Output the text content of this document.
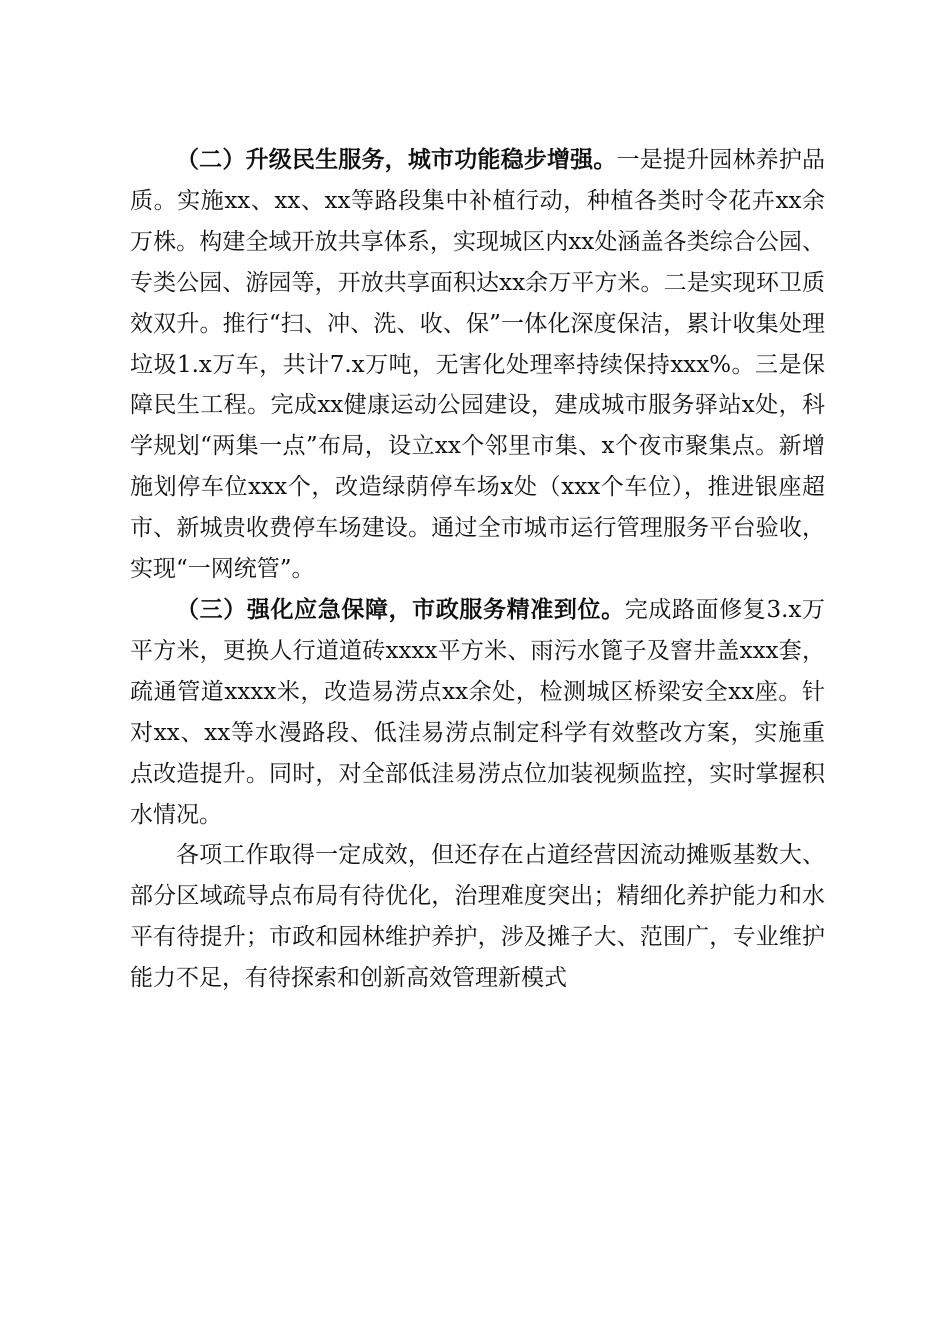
（二）升级民生服务，城市功能稳步增强。一是提升园林养护品质。实施xx、xx、xx等路段集中补植行动，种植各类时令花卉xx余万株。构建全域开放共享体系，实现城区内xx处涵盖各类综合公园、专类公园、游园等，开放共享面积达xx余万平方米。二是实现环卫质效双升。推行“扫、冲、洗、收、保”一体化深度保洁，累计收集处理垃圾1.x万车，共计7.x万吨，无害化处理率持续保持xxx%。三是保障民生工程。完成xx健康运动公园建设，建成城市服务驿站x处，科学规划“两集一点”布局，设立xx个邻里市集、x个夜市聚集点。新增施划停车位xxx个，改造绿荫停车场x处（xxx个车位），推进银座超市、新城贵收费停车场建设。通过全市城市运行管理服务平台验收，实现“一网统管”。

（三）强化应急保障，市政服务精准到位。完成路面修复3.x万平方米，更换人行道道砖xxxx平方米、雨污水篦子及窨井盖xxx套，疏通管道xxxx米，改造易涝点xx余处，检测城区桥梁安全xx座。针对xx、xx等水漫路段、低洼易涝点制定科学有效整改方案，实施重点改造提升。同时，对全部低洼易涝点位加装视频监控，实时掌握积水情况。

各项工作取得一定成效，但还存在占道经营因流动摊贩基数大、部分区域疏导点布局有待优化，治理难度突出；精细化养护能力和水平有待提升；市政和园林维护养护，涉及摊子大、范围广，专业维护能力不足，有待探索和创新高效管理新模式
